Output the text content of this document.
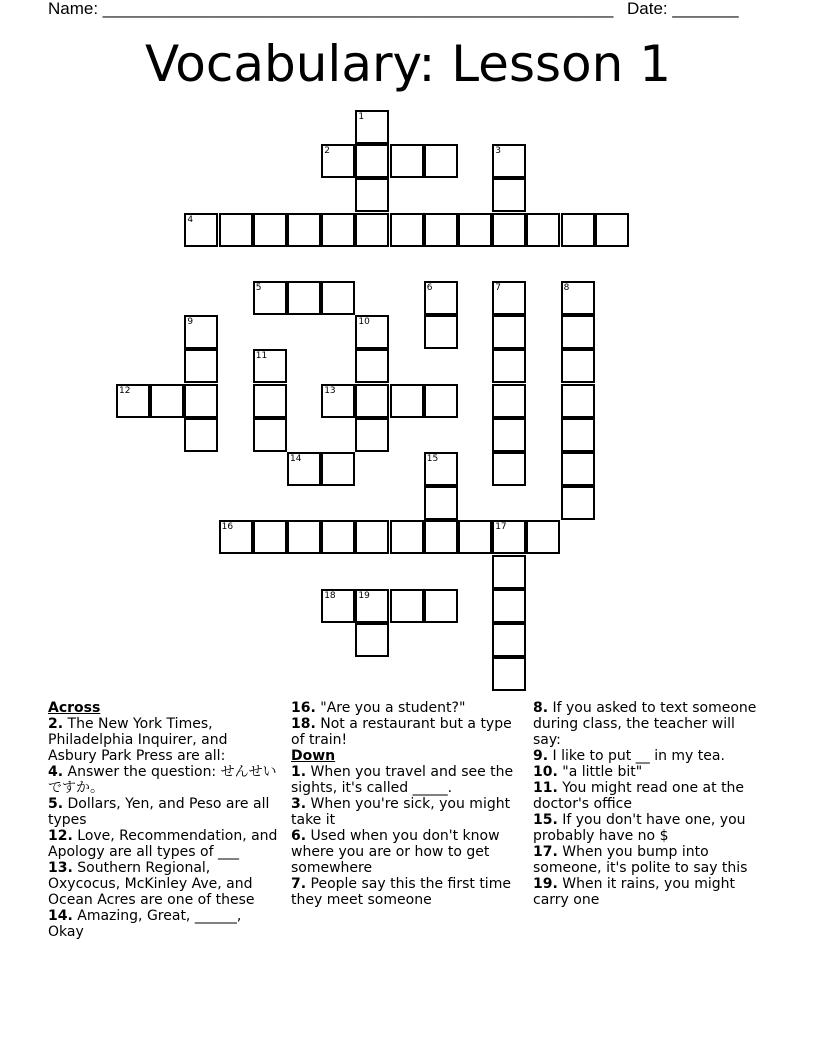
Name: ______________________________________________________ Date: _______
Vocabulary: Lesson 1
1
2	3
4
5	6	7	8
9	10
11
12	13
14	15
16	17
18	19
Across
2. The New York Times, Philadelphia Inquirer, and Asbury Park Press are all:
4. Answer the question: せんせいですか。
5. Dollars, Yen, and Peso are all types
12. Love, Recommendation, and Apology are all types of ___
13. Southern Regional, Oxycocus, McKinley Ave, and Ocean Acres are one of these
14. Amazing, Great, ______, Okay
16. "Are you a student?"
18. Not a restaurant but a type of train!
Down
1. When you travel and see the sights, it's called _____.
3. When you're sick, you might take it
6. Used when you don't know where you are or how to get somewhere
7. People say this the first time they meet someone
8. If you asked to text someone during class, the teacher will say:
9. I like to put __ in my tea.
10. "a little bit"
11. You might read one at the doctor's office
15. If you don't have one, you probably have no $
17. When you bump into someone, it's polite to say this
19. When it rains, you might carry one
